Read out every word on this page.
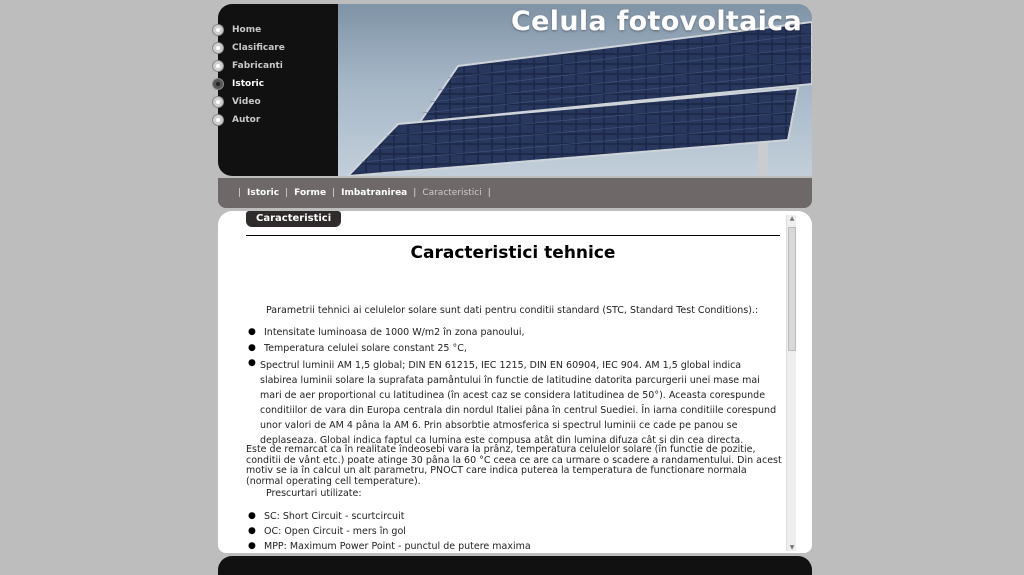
Home
Clasificare
Fabricanti
Istoric
Video
Autor
Celula fotovoltaica
| Istoric | Forme | Imbatranirea | Caracteristici |
Caracteristici
Caracteristici tehnice
Parametrii tehnici ai celulelor solare sunt dati pentru conditii standard (STC, Standard Test Conditions).:
● Intensitate luminoasa de 1000 W/m2 în zona panoului,
● Temperatura celulei solare constant 25 °C,
● Spectrul luminii AM 1,5 global; DIN EN 61215, IEC 1215, DIN EN 60904, IEC 904. AM 1,5 global indica slabirea luminii solare la suprafata pamântului în functie de latitudine datorita parcurgerii unei mase mai mari de aer proportional cu latitudinea (în acest caz se considera latitudinea de 50°). Aceasta corespunde conditiilor de vara din Europa centrala din nordul Italiei pâna în centrul Suediei. În iarna conditiile corespund unor valori de AM 4 pâna la AM 6. Prin absorbtie atmosferica si spectrul luminii ce cade pe panou se deplaseaza. Global indica faptul ca lumina este compusa atât din lumina difuza cât si din cea directa.
Este de remarcat ca în realitate îndeosebi vara la prânz, temperatura celulelor solare (în functie de pozitie, conditii de vânt etc.) poate atinge 30 pâna la 60 °C ceea ce are ca urmare o scadere a randamentului. Din acest motiv se ia în calcul un alt parametru, PNOCT care indica puterea la temperatura de functionare normala (normal operating cell temperature).
Prescurtari utilizate:
● SC: Short Circuit - scurtcircuit
● OC: Open Circuit - mers în gol
● MPP: Maximum Power Point - punctul de putere maxima
▲
▼
